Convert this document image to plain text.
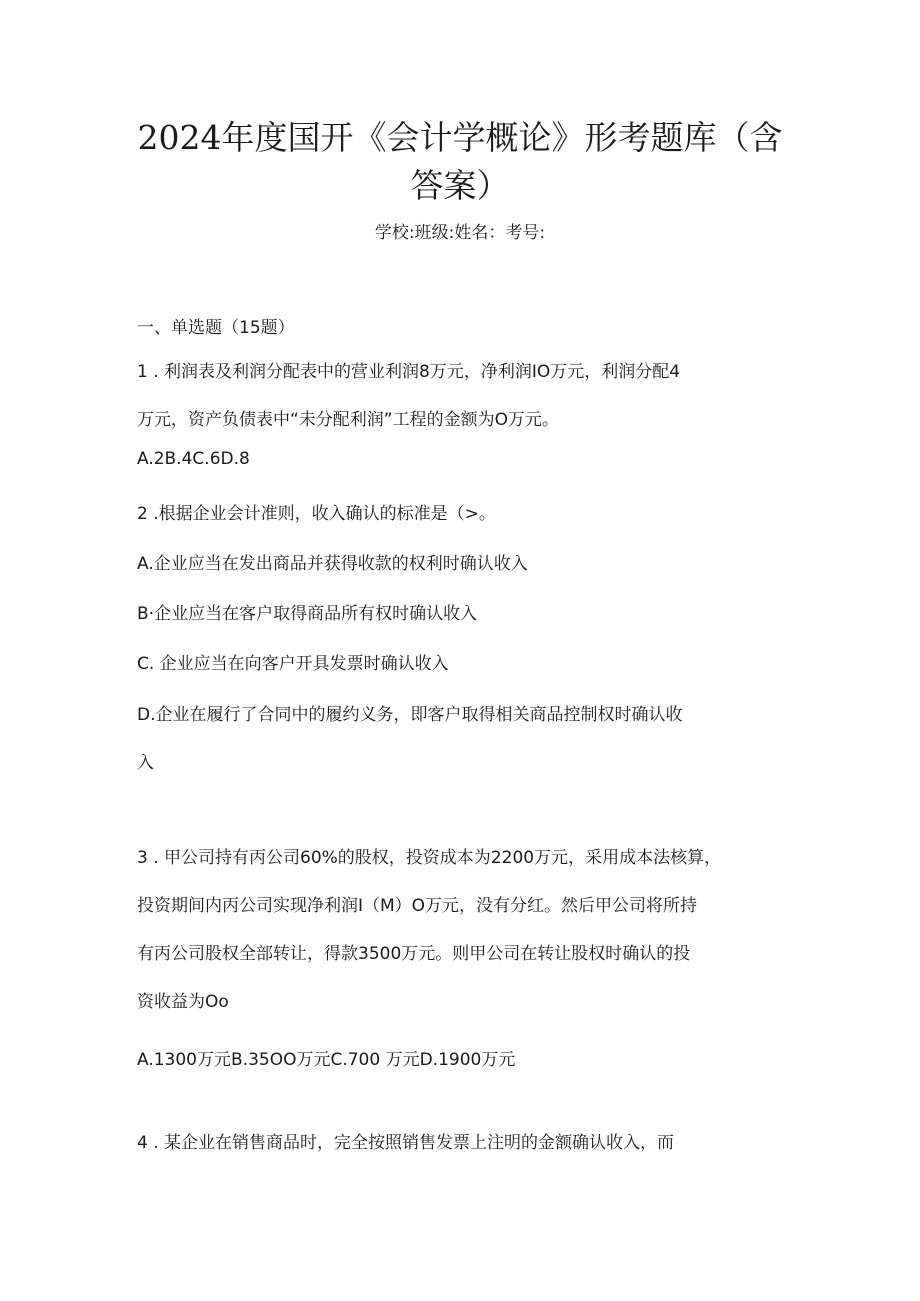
2024年度国开《会计学概论》形考题库（含
答案）
学校:班级:姓名：考号:
一、单选题（15题）
1 . 利润表及利润分配表中的营业利润8万元，净利润IO万元，利润分配4
万元，资产负债表中“未分配利润”工程的金额为O万元。
A.2B.4C.6D.8
2 .根据企业会计准则，收入确认的标准是（>。
A.企业应当在发出商品并获得收款的权利时确认收入
B·企业应当在客户取得商品所有权时确认收入
C. 企业应当在向客户开具发票时确认收入
D.企业在履行了合同中的履约义务，即客户取得相关商品控制权时确认收
入
3 . 甲公司持有丙公司60%的股权，投资成本为2200万元，采用成本法核算，
投资期间内丙公司实现净利润I（M）O万元，没有分红。然后甲公司将所持
有丙公司股权全部转让，得款3500万元。则甲公司在转让股权时确认的投
资收益为Oo
A.1300万元B.35OO万元C.700 万元D.1900万元
4 . 某企业在销售商品时，完全按照销售发票上注明的金额确认收入，而
